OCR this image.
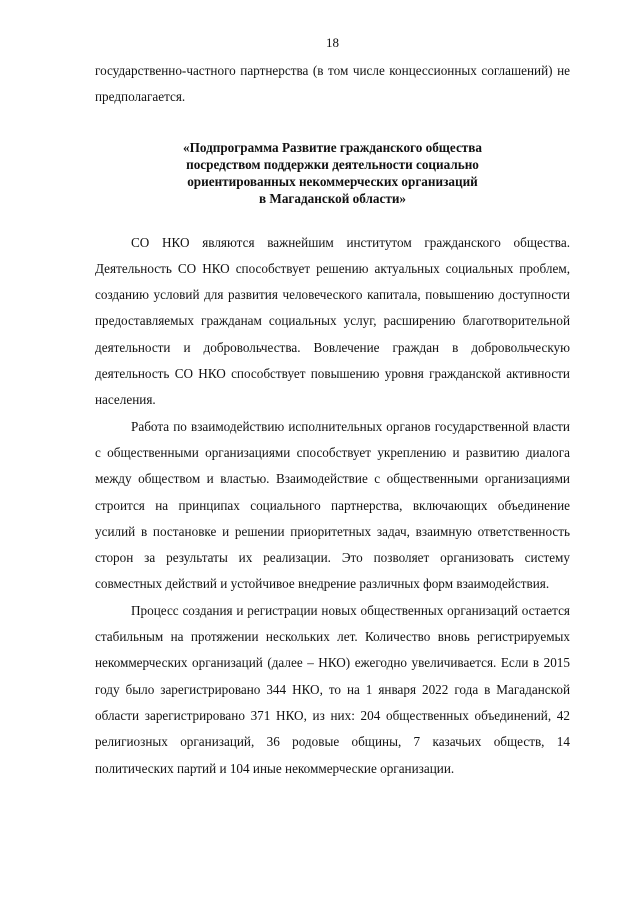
18

государственно-частного партнерства (в том числе концессионных соглашений) не предполагается.

«Подпрограмма Развитие гражданского общества
посредством поддержки деятельности социально
ориентированных некоммерческих организаций
в Магаданской области»

СО НКО являются важнейшим институтом гражданского общества. Деятельность СО НКО способствует решению актуальных социальных проблем, созданию условий для развития человеческого капитала, повышению доступности предоставляемых гражданам социальных услуг, расширению благотворительной деятельности и добровольчества. Вовлечение граждан в добровольческую деятельность СО НКО способствует повышению уровня гражданской активности населения.

Работа по взаимодействию исполнительных органов государственной власти с общественными организациями способствует укреплению и развитию диалога между обществом и властью. Взаимодействие с общественными организациями строится на принципах социального партнерства, включающих объединение усилий в постановке и решении приоритетных задач, взаимную ответственность сторон за результаты их реализации. Это позволяет организовать систему совместных действий и устойчивое внедрение различных форм взаимодействия.

Процесс создания и регистрации новых общественных организаций остается стабильным на протяжении нескольких лет. Количество вновь регистрируемых некоммерческих организаций (далее – НКО) ежегодно увеличивается. Если в 2015 году было зарегистрировано 344 НКО, то на 1 января 2022 года в Магаданской области зарегистрировано 371 НКО, из них: 204 общественных объединений, 42 религиозных организаций, 36 родовые общины, 7 казачьих обществ, 14 политических партий и 104 иные некоммерческие организации.
